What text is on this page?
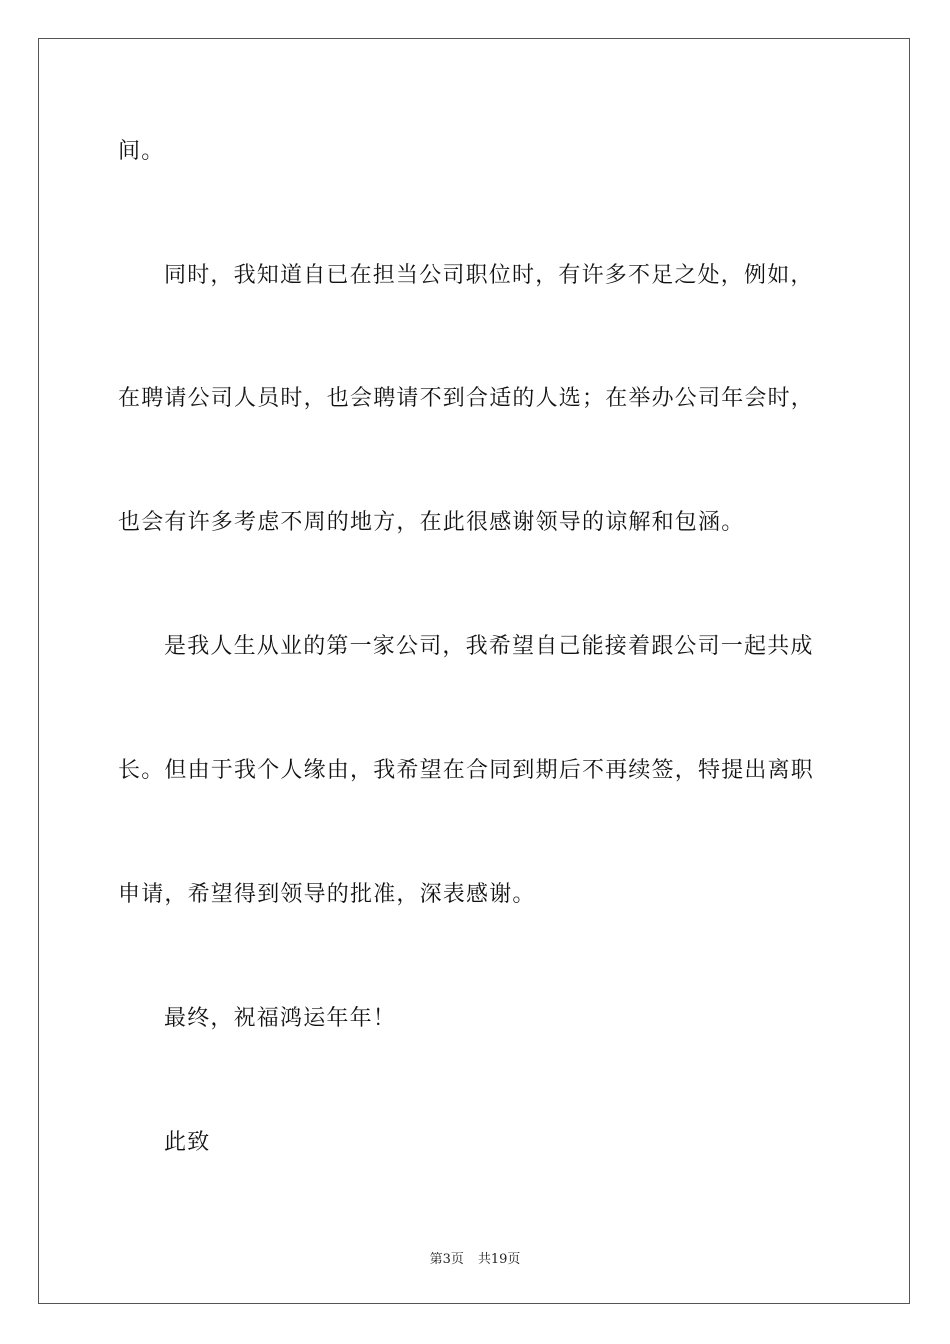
间。
同时，我知道自已在担当公司职位时，有许多不足之处，例如，
在聘请公司人员时，也会聘请不到合适的人选；在举办公司年会时，
也会有许多考虑不周的地方，在此很感谢领导的谅解和包涵。
是我人生从业的第一家公司，我希望自己能接着跟公司一起共成
长。但由于我个人缘由，我希望在合同到期后不再续签，特提出离职
申请，希望得到领导的批准，深表感谢。
最终，祝福鸿运年年！
此致
第3页 共19页
